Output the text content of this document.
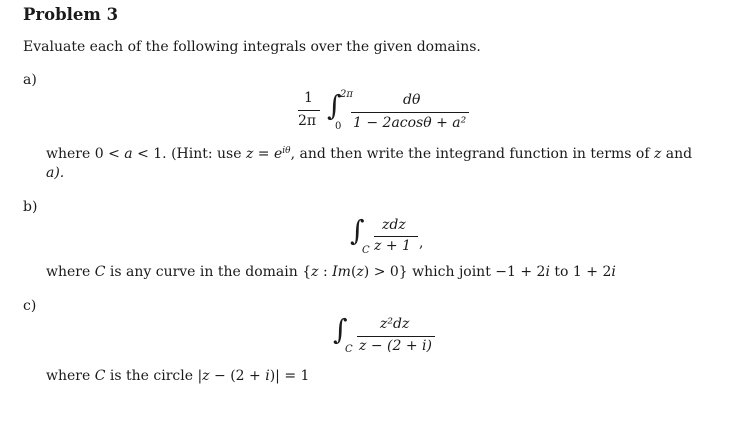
Problem 3
Evaluate each of the following integrals over the given domains.
a)
1
2π ∫
2π
0
dθ
1 − 2acosθ + a²
where 0 < a < 1. (Hint: use $z = e^{i\theta}$, and then write the integrand function in terms of z and
a).
b)
∫
C
zdz
z + 1 ,
where C is any curve in the domain {z : Im(z) > 0} which joint −1 + 2i to 1 + 2i
c)
∫
C
z²dz
z − (2 + i)
where C is the circle |z − (2 + i)| = 1
